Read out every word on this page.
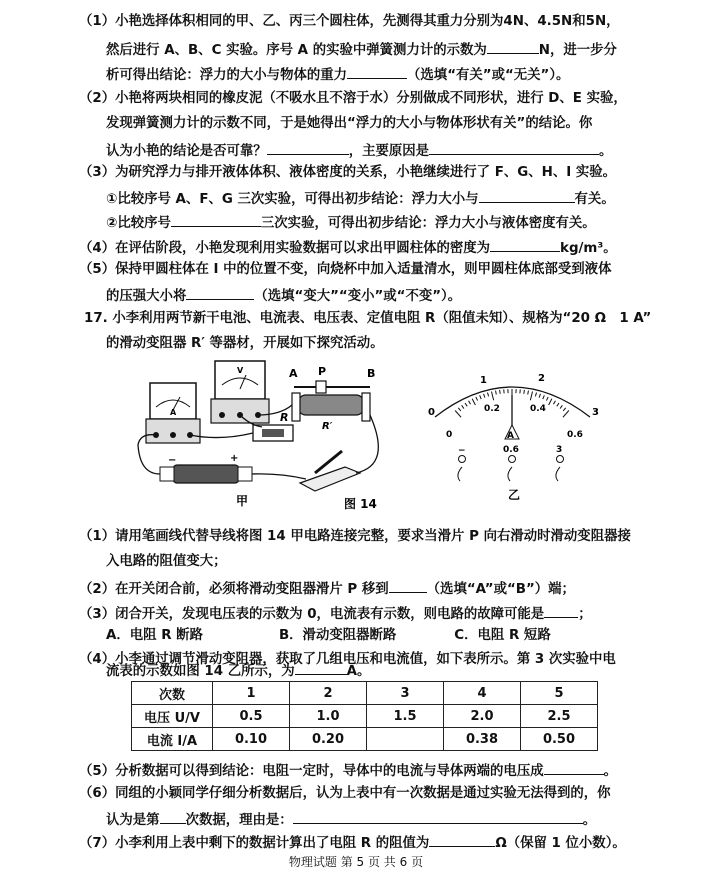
（1）小艳选择体积相同的甲、乙、丙三个圆柱体，先测得其重力分别为4N、4.5N和5N，
然后进行 A、B、C 实验。序号 A 的实验中弹簧测力计的示数为	N，进一步分
析可得出结论：浮力的大小与物体的重力	（选填“有关”或“无关”）。
（2）小艳将两块相同的橡皮泥（不吸水且不溶于水）分别做成不同形状，进行 D、E 实验，
发现弹簧测力计的示数不同，于是她得出“浮力的大小与物体形状有关”的结论。你
认为小艳的结论是否可靠？	，主要原因是	。
（3）为研究浮力与排开液体体积、液体密度的关系，小艳继续进行了 F、G、H、I 实验。
①比较序号 A、F、G 三次实验，可得出初步结论：浮力大小与	有关。
②比较序号	三次实验，可得出初步结论：浮力大小与液体密度有关。
（4）在评估阶段，小艳发现利用实验数据可以求出甲圆柱体的密度为	kg/m³。
（5）保持甲圆柱体在 I 中的位置不变，向烧杯中加入适量清水，则甲圆柱体底部受到液体
的压强大小将	（选填“变大”“变小”或“不变”）。
17. 小李利用两节新干电池、电流表、电压表、定值电阻 R（阻值未知）、规格为“20 Ω　1 A”
的滑动变阻器 R′ 等器材，开展如下探究活动。
A
V
R
A P	B
R′
−	+
甲	图 14
0
1	2
3
0
0.2	0.4
0.6
A
−	0.6	3
乙
（1）请用笔画线代替导线将图 14 甲电路连接完整，要求当滑片 P 向右滑动时滑动变阻器接
入电路的阻值变大；
（2）在开关闭合前，必须将滑动变阻器滑片 P 移到	（选填“A”或“B”）端；
（3）闭合开关，发现电压表的示数为 0，电流表有示数，则电路的故障可能是	；
A．电阻 R 断路	B．滑动变阻器断路	C．电阻 R 短路
（4）小李通过调节滑动变阻器，获取了几组电压和电流值，如下表所示。第 3 次实验中电
流表的示数如图 14 乙所示，为	A。
次数	1	2	3	4	5
电压 U/V	0.5	1.0	1.5	2.0	2.5
电流 I/A	0.10	0.20		0.38	0.50
（5）分析数据可以得到结论：电阻一定时，导体中的电流与导体两端的电压成	。
（6）同组的小颖同学仔细分析数据后，认为上表中有一次数据是通过实验无法得到的，你
认为是第 次数据，理由是：	。
（7）小李利用上表中剩下的数据计算出了电阻 R 的阻值为	Ω（保留 1 位小数）。
物理试题 第 5 页 共 6 页
